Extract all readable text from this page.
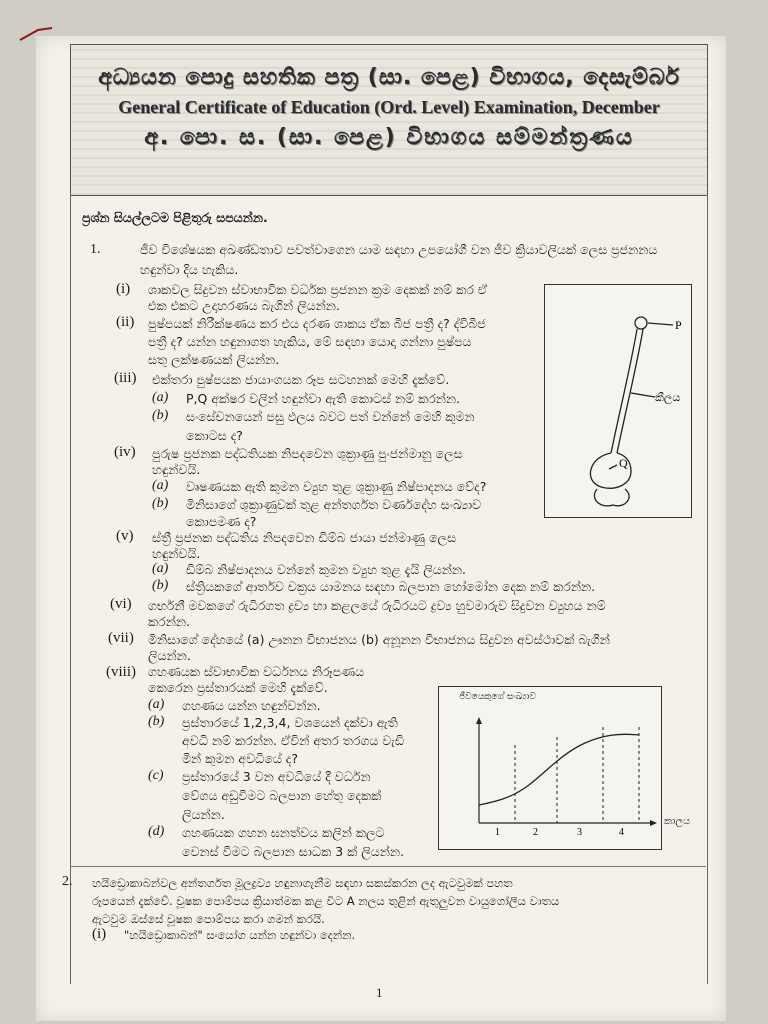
අධ්‍යයන පොදු සහතික පත්‍ර (සා. පෙළ) විභාගය, දෙසැම්බර්
General Certificate of Education (Ord. Level) Examination, December
අ. පො. ස. (සා. පෙළ) විභාගය සම්මන්ත්‍රණය
ප්‍රශ්න සියල්ලටම පිළිතුරු සපයන්න.
1.	ජීව විශේෂයක අඛණ්ඩතාව පවත්වාගෙන යාම සඳහා උපයෝගී වන ජීව ක්‍රියාවලියක් ලෙස ප්‍රජනනය
හඳුන්වා දිය හැකිය.
(i) ශාකවල සිදුවන ස්වාභාවික වර්ධක ප්‍රජනන ක්‍රම දෙකක් නම් කර ඒ
එක එකට උදාහරණය බැගින් ලියන්න.
(ii) පුෂ්පයක් නිරීක්ෂණය කර එය දරණ ශාකය ඒක බීජ පත්‍රී ද? ද්විබීජ
පත්‍රී ද? යන්න හඳුනාගත හැකිය, මේ සඳහා යොදා ගන්නා පුෂ්පය
සතු ලක්ෂණයක් ලියන්න.
(iii) එක්තරා පුෂ්පයක ජායාංගයක රූප සටහනක් මෙහි දැක්වේ.
(a) P,Q අක්ෂර වලින් හඳුන්වා ඇති කොටස් නම් කරන්න.
(b) සංසේචනයෙන් පසු ඵලය බවට පත් වන්නේ මෙහි කුමන
කොටස ද?
(iv) පුරුෂ ප්‍රජනක පද්ධතියක නිපදවෙන ශුක්‍රාණු පුංජන්මානු ලෙස
හඳුන්වයි.
(a) වෘෂණයක ඇති කුමන ව්‍යුහ තුළ ශුක්‍රාණු නිෂ්පාදනය වේද?
(b) මිනිසාගේ ශුක්‍රාණුවක් තුළ අන්තර්ගත වර්ණදේහ සංඛ්‍යාව
කොපමණ ද?
(v) ස්ත්‍රී ප්‍රජනක පද්ධතිය නිපදවෙන ඩිම්බ ජායා ජන්මාණු ලෙස
හඳුන්වයි.
(a) ඩිම්බ නිෂ්පාදනය වන්නේ කුමන ව්‍යුහ තුළ දැයි ලියන්න.
(b) ස්ත්‍රියකගේ ආර්තව චක්‍රය යාමනය සඳහා බලපාන හෝමෝන දෙක නම් කරන්න.
(vi) ගර්භනී මවකගේ රුධිරගත ද්‍රව්‍ය හා කළලයේ රුධිරයට ද්‍රව්‍ය හුවමාරුව සිදුවන ව්‍යුහය නම්
කරන්න.
(vii) මිනිසාගේ දේහයේ (a) ඌනන විභාජනය (b) අනූනන විභාජනය සිදුවන අවස්ථාවක් බැගින්
ලියන්න.
(viii) ගහණයක ස්වාභාවික වර්ධනය නිරූපණය
කෙරෙන ප්‍රස්තාරයක් මෙහි දැක්වේ.
(a) ගහණය යන්න හඳුන්වන්න.
(b) ප්‍රස්තාරයේ 1,2,3,4, වශයෙන් දක්වා ඇති
අවධි නම් කරන්න. ඒවින් අතර තරගය වැඩි
මින් කුමන අවධියේ ද?
(c) ප්‍රස්තාරයේ 3 වන අවධියේ දී වර්ධන
වේගය අඩුවීමට බලපාන හේතු දෙකක්
ලියන්න.
(d) ගහණයක ගහන ඝනත්වය කලින් කලට
වෙනස් වීමට බලපාන සාධක 3 ක් ලියන්න.
P
කීලය
Q
ජීවයෙකුගේ සංඛ්‍යාව
1	2	3	4
කාලය
2. හයිඩ්‍රොකාබන්වල අන්තර්ගත මූලද්‍රව්‍ය හඳුනාගැනීම සඳහා සකස්කරන ලද ඇටවුමක් පහත
රූපයෙන් දැක්වේ. චූෂක පොම්පය ක්‍රියාත්මක කළ විට A නලය තුළින් ඇතුලුවන වායුගෝලීය වාතය
ඇටවුම ඔස්සේ චූෂක පොම්පය කරා ගමන් කරයි.
(i) "හයිඩ්‍රොකාබන්" සංයෝග යන්න හඳුන්වා දෙන්න.
1
